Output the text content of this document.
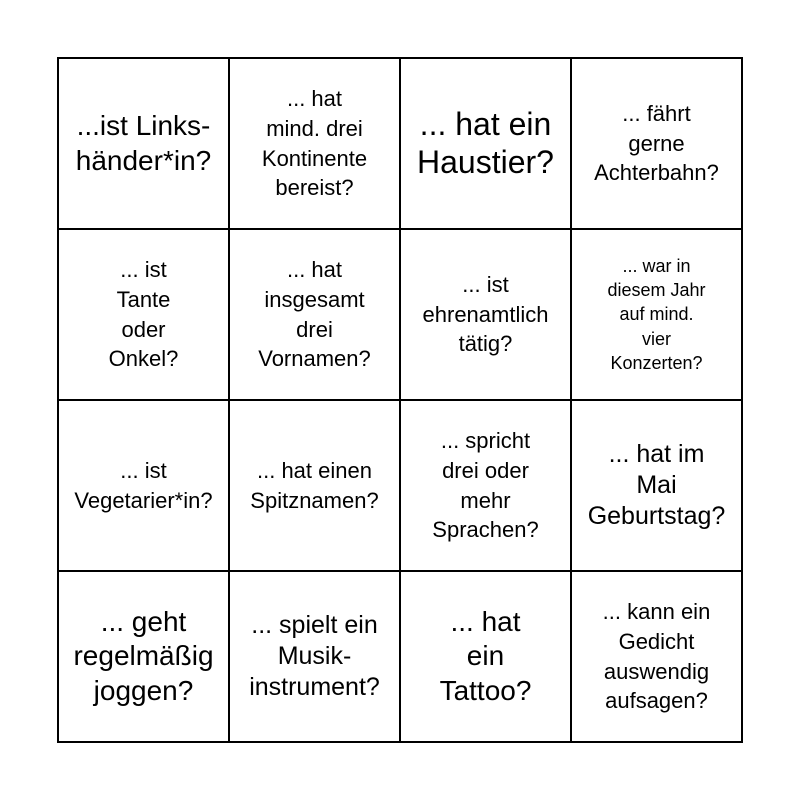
...ist Links-
händer*in?
... hat
mind. drei
Kontinente
bereist?
... hat ein
Haustier?
... fährt
gerne
Achterbahn?
... ist
Tante
oder
Onkel?
... hat
insgesamt
drei
Vornamen?
... ist
ehrenamtlich
tätig?
... war in
diesem Jahr
auf mind.
vier
Konzerten?
... ist
Vegetarier*in?
... hat einen
Spitznamen?
... spricht
drei oder
mehr
Sprachen?
... hat im
Mai
Geburtstag?
... geht
regelmäßig
joggen?
... spielt ein
Musik-
instrument?
... hat
ein
Tattoo?
... kann ein
Gedicht
auswendig
aufsagen?
